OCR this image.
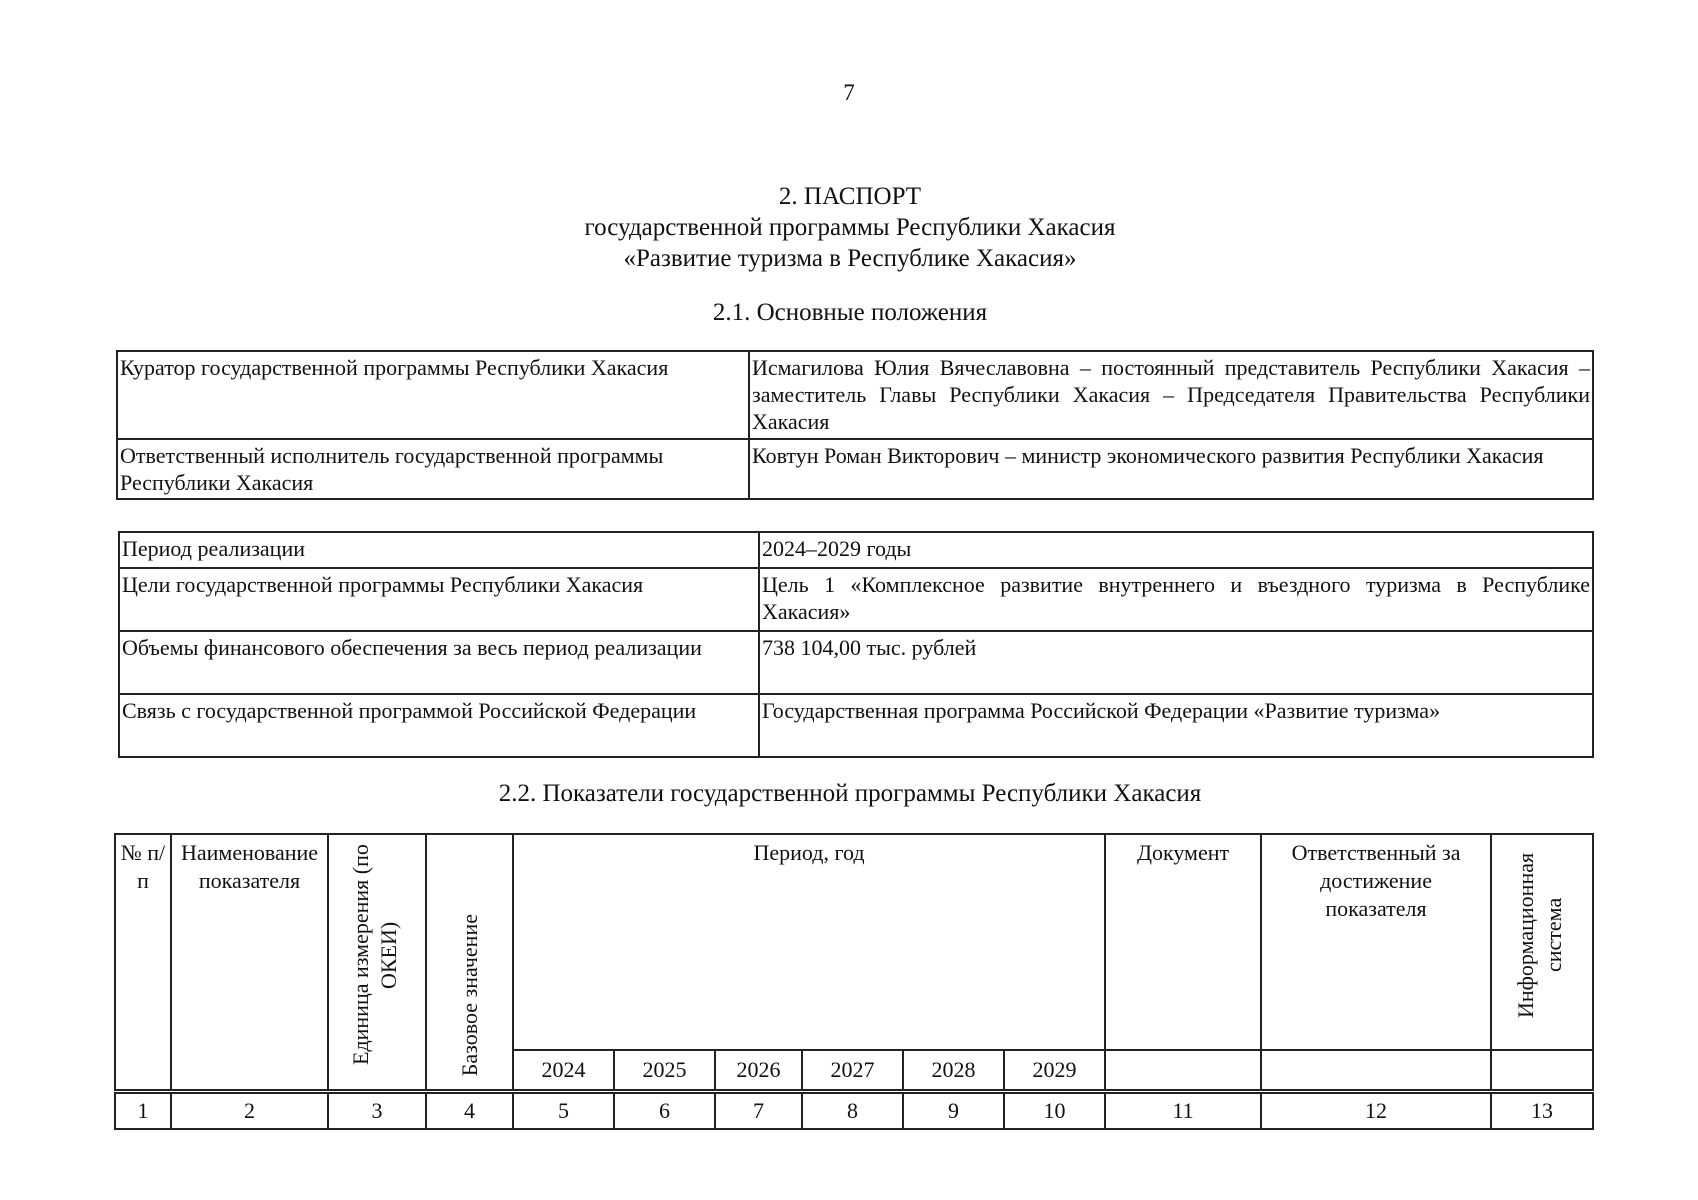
7
2. ПАСПОРТ
государственной программы Республики Хакасия
«Развитие туризма в Республике Хакасия»
2.1. Основные положения
Куратор государственной программы Республики Хакасия	Исмагилова Юлия Вячеславовна – постоянный представитель Республики Хакасия – заместитель Главы Республики Хакасия – Председателя Правительства Республики Хакасия
Ответственный исполнитель государственной программы Республики Хакасия	Ковтун Роман Викторович – министр экономического развития Республики Хакасия
Период реализации	2024–2029 годы
Цели государственной программы Республики Хакасия	Цель 1 «Комплексное развитие внутреннего и въездного туризма в Республике Хакасия»
Объемы финансового обеспечения за весь период реализации	738 104,00 тыс. рублей
Связь с государственной программой Российской Федерации	Государственная программа Российской Федерации «Развитие туризма»
2.2. Показатели государственной программы Республики Хакасия
№ п/п	Наименование показателя	Единица измерения (по ОКЕИ)	Базовое значение	Период, год						Документ	Ответственный за достижение показателя	Информационная система
				2024	2025	2026	2027	2028	2029			
1	2	3	4	5	6	7	8	9	10	11	12	13
